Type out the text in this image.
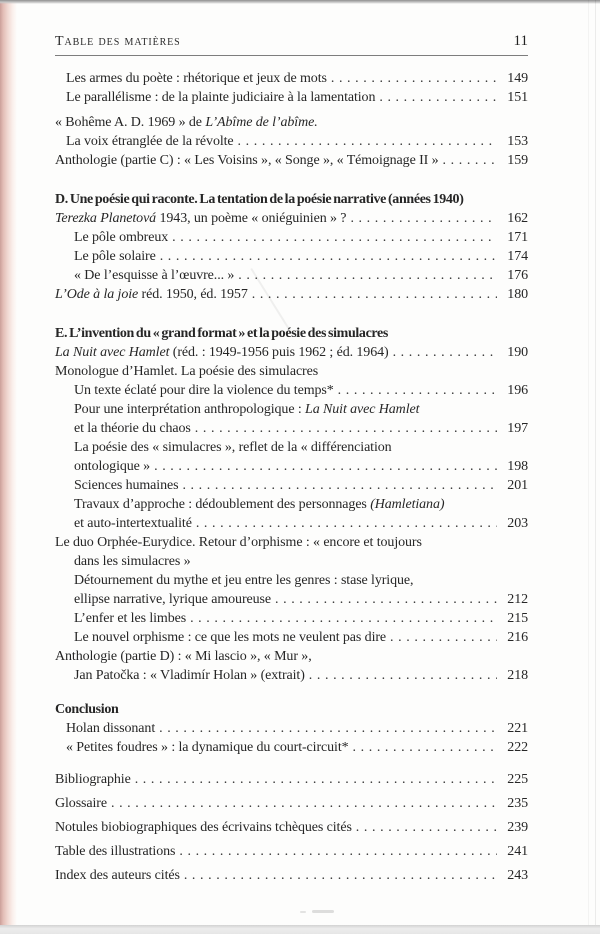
Table des matières	11
Les armes du poète : rhétorique et jeux de mots .....	149
Le parallélisme : de la plainte judiciaire à la lamentation .....	151
« Bohême A. D. 1969 » de L’Abîme de l’abîme.
La voix étranglée de la révolte .....	153
Anthologie (partie C) : « Les Voisins », « Songe », « Témoignage II » .....	159
D. Une poésie qui raconte. La tentation de la poésie narrative (années 1940)
Terezka Planetová 1943, un poème « oniéguinien » ? .....	162
Le pôle ombreux .....	171
Le pôle solaire .....	174
« De l’esquisse à l’œuvre... » .....	176
L’Ode à la joie réd. 1950, éd. 1957 .....	180
E. L’invention du « grand format » et la poésie des simulacres
La Nuit avec Hamlet (réd. : 1949-1956 puis 1962 ; éd. 1964) .....	190
Monologue d’Hamlet. La poésie des simulacres
Un texte éclaté pour dire la violence du temps* .....	196
Pour une interprétation anthropologique : La Nuit avec Hamlet
et la théorie du chaos .....	197
La poésie des « simulacres », reflet de la « différenciation
ontologique » .....	198
Sciences humaines .....	201
Travaux d’approche : dédoublement des personnages (Hamletiana)
et auto-intertextualité .....	203
Le duo Orphée-Eurydice. Retour d’orphisme : « encore et toujours
dans les simulacres »
Détournement du mythe et jeu entre les genres : stase lyrique,
ellipse narrative, lyrique amoureuse .....	212
L’enfer et les limbes .....	215
Le nouvel orphisme : ce que les mots ne veulent pas dire .....	216
Anthologie (partie D) : « Mi lascio », « Mur »,
Jan Patočka : « Vladimír Holan » (extrait) .....	218
Conclusion
Holan dissonant .....	221
« Petites foudres » : la dynamique du court-circuit* .....	222
Bibliographie .....	225
Glossaire .....	235
Notules biobiographiques des écrivains tchèques cités .....	239
Table des illustrations .....	241
Index des auteurs cités .....	243
